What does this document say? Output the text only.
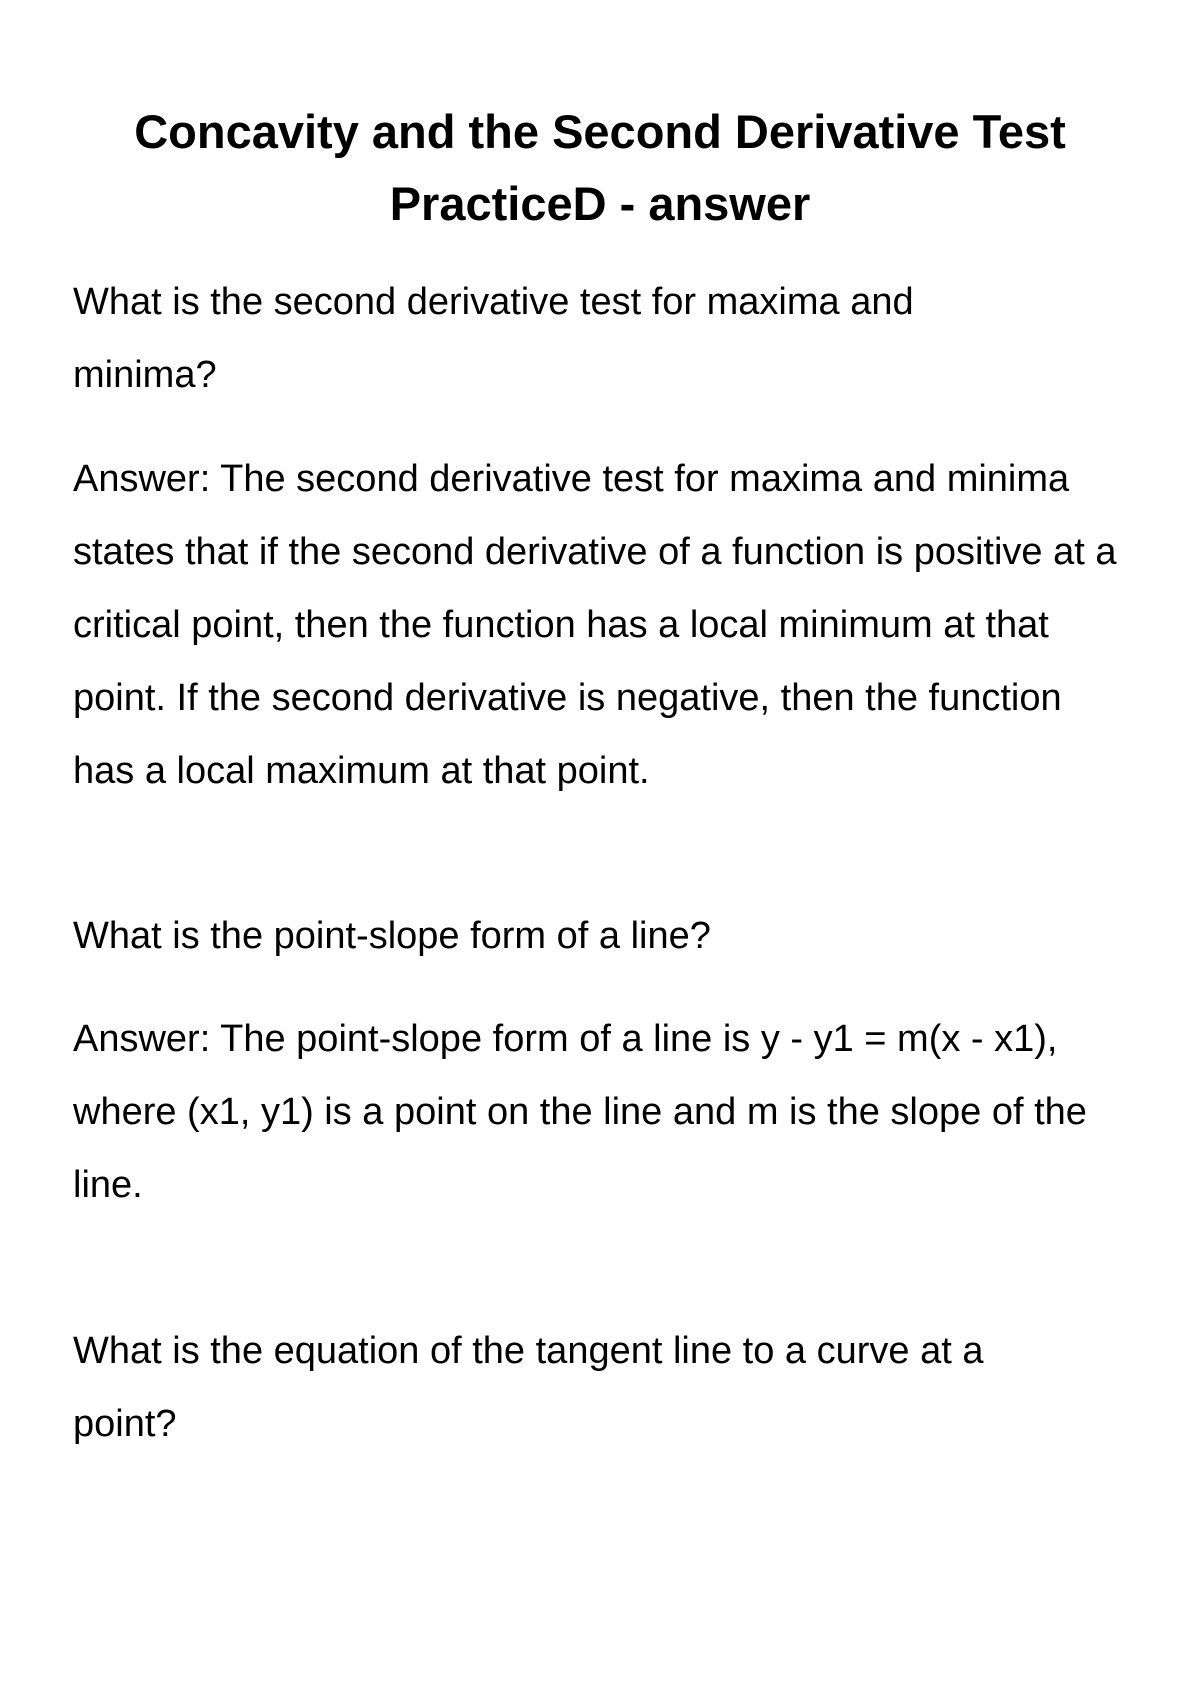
Concavity and the Second Derivative Test PracticeD - answer

What is the second derivative test for maxima and minima?

Answer: The second derivative test for maxima and minima states that if the second derivative of a function is positive at a critical point, then the function has a local minimum at that point. If the second derivative is negative, then the function has a local maximum at that point.

What is the point-slope form of a line?

Answer: The point-slope form of a line is y - y1 = m(x - x1), where (x1, y1) is a point on the line and m is the slope of the line.

What is the equation of the tangent line to a curve at a point?
